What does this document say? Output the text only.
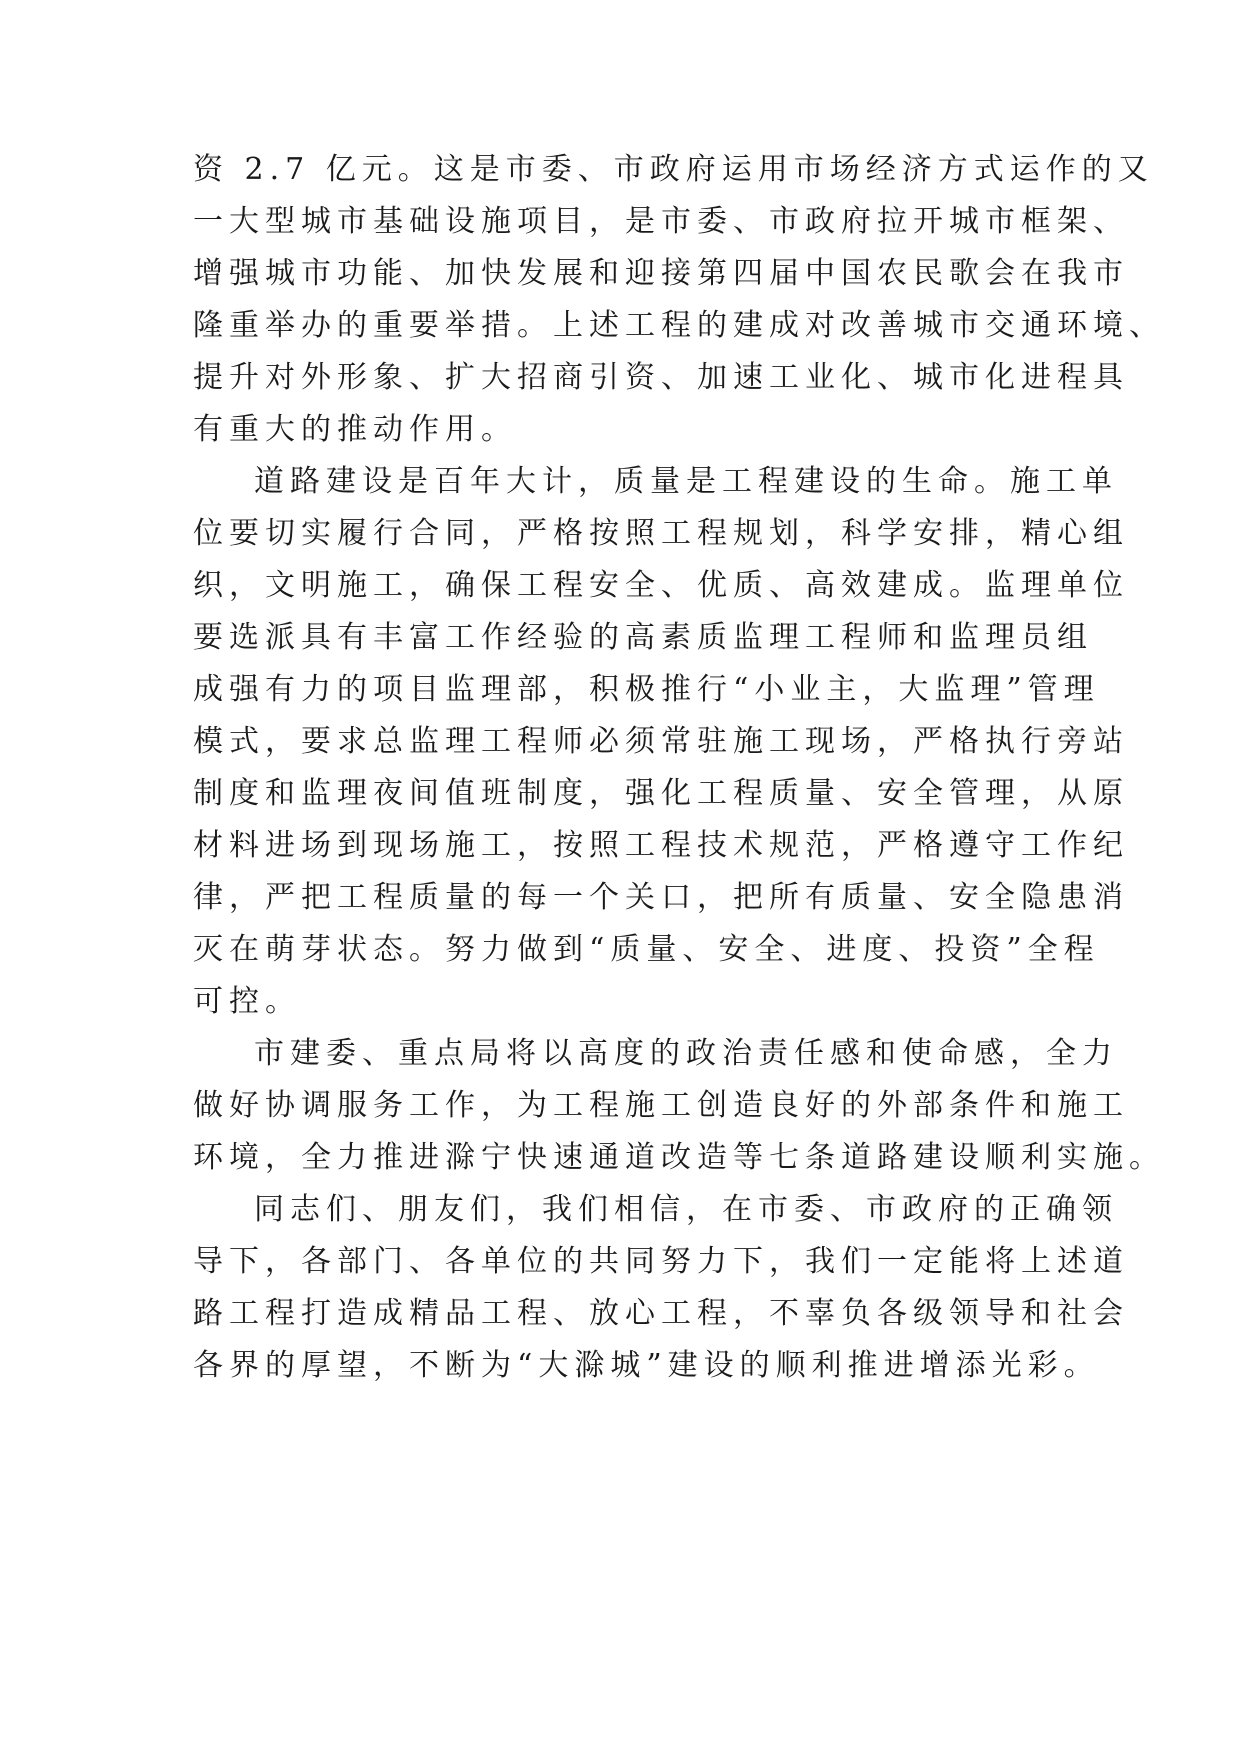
资 2.7 亿元。这是市委、市政府运用市场经济方式运作的又
一大型城市基础设施项目，是市委、市政府拉开城市框架、
增强城市功能、加快发展和迎接第四届中国农民歌会在我市
隆重举办的重要举措。上述工程的建成对改善城市交通环境、
提升对外形象、扩大招商引资、加速工业化、城市化进程具
有重大的推动作用。
道路建设是百年大计，质量是工程建设的生命。施工单
位要切实履行合同，严格按照工程规划，科学安排，精心组
织，文明施工，确保工程安全、优质、高效建成。监理单位
要选派具有丰富工作经验的高素质监理工程师和监理员组
成强有力的项目监理部，积极推行“小业主，大监理”管理
模式，要求总监理工程师必须常驻施工现场，严格执行旁站
制度和监理夜间值班制度，强化工程质量、安全管理，从原
材料进场到现场施工，按照工程技术规范，严格遵守工作纪
律，严把工程质量的每一个关口，把所有质量、安全隐患消
灭在萌芽状态。努力做到“质量、安全、进度、投资”全程
可控。
市建委、重点局将以高度的政治责任感和使命感，全力
做好协调服务工作，为工程施工创造良好的外部条件和施工
环境，全力推进滁宁快速通道改造等七条道路建设顺利实施。
同志们、朋友们，我们相信，在市委、市政府的正确领
导下，各部门、各单位的共同努力下，我们一定能将上述道
路工程打造成精品工程、放心工程，不辜负各级领导和社会
各界的厚望，不断为“大滁城”建设的顺利推进增添光彩。
